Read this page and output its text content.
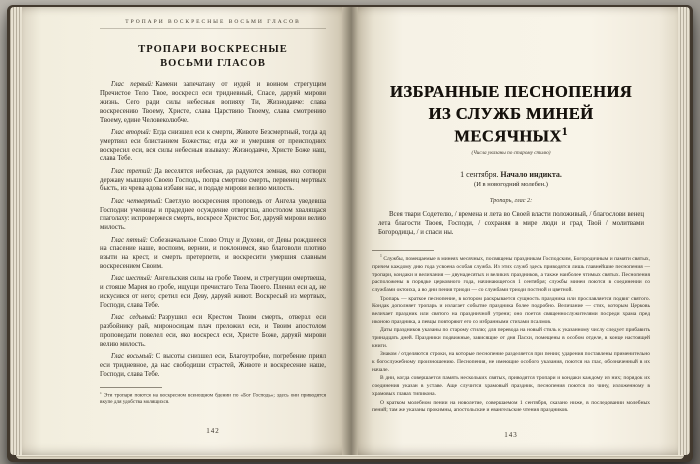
ТРОПАРИ ВОСКРЕСНЫЕ ВОСЬМИ ГЛАСОВ
ТРОПАРИ ВОСКРЕСНЫЕ
ВОСЬМИ ГЛАСОВ

Глас первый: Камени запечатану от иудей и воином стрегущим Пречистое Тело Твое, воскресл еси тридневный, Спасе, даруяй мирови жизнь. Сего ради силы небесныя вопияху Ти, Жизнодавче: слава воскресению Твоему, Христе, слава Царствию Твоему, слава смотрению Твоему, едине Человеколюбче.

Глас вторый: Егда снизшел еси к смерти, Животе Безсмертный, тогда ад умертвил еси блистанием Божества; егда же и умершия от преисподних воскресил еси, вся силы небесныя взываху: Жизнодавче, Христе Боже наш, слава Тебе.

Глас третий: Да веселятся небесная, да радуются земная, яко сотвори державу мышцею Своею Господь, попра смертию смерть, первенец мертвых бысть, из чрева адова избави нас, и подаде мирови велию милость.

Глас четвертый: Светлую воскресения проповедь от Ангела уведевша Господни ученицы и прадеднее осуждение отвергша, апостолом хвалящася глаголаху: испровержеся смерть, воскресе Христос Бог, даруяй мирови велию милость.

Глас пятый: Собезначальное Слово Отцу и Духови, от Девы рождшееся на спасение наше, воспоим, вернии, и поклонимся, яко благоволи плотию взыти на крест, и смерть претерпети, и воскресити умершия славным воскресением Своим.

Глас шестый: Ангельския силы на гробе Твоем, и стрегущии омертвеша, и стояше Мария во гробе, ищущи пречистаго Тела Твоего. Пленил еси ад, не искусився от него; сретил еси Деву, даруяй живот. Воскресый из мертвых, Господи, слава Тебе.

Глас седьмый: Разрушил еси Крестом Твоим смерть, отверзл еси разбойнику рай, мироносицам плач преложил еси, и Твоим апостолом проповедати повелел еси, яко воскресл еси, Христе Боже, даруяй мирови велию милость.

Глас восьмый: С высоты снизшел еси, Благоутробне, погребение приял еси тридневное, да нас свободиши страстей, Животе и воскресение наше, Господи, слава Тебе.

$^1$ Эти тропари поются на воскресном всенощном бдении по «Бог Господь»; здесь они приводятся вкупе для удобства молящихся.
142
ИЗБРАННЫЕ ПЕСНОПЕНИЯ
ИЗ СЛУЖБ МИНЕЙ
МЕСЯЧНЫХ$^1$
(Числа указаны по старому стилю)
1 сентября. Начало индикта.
(И в новогодний молебен.)
Тропарь, глас 2:

Всея твари Содетелю, / времена и лета во Своей власти положивый, / благослови венец лета благости Твоея, Господи, / сохраняя в мире люди и град Твой / молитвами Богородицы, / и спаси ны.

$^1$ Службы, помещаемые в минеях месячных, посвящены праздникам Господским, Богородичным и памяти святых, причем каждому дню года усвоена особая служба. Из этих служб здесь приводятся лишь главнейшие песнопения — тропари, кондаки и величания — двунадесятых и великих праздников, а также наиболее чтимых святых. Песнопения расположены в порядке церковного года, начинающегося 1 сентября; службы минеи поются в соединении со службами октоиха, а во дни пения триоди — со службами триоди постной и цветной.

Тропарь — краткое песнопение, в котором раскрывается сущность праздника или прославляется подвиг святого. Кондак дополняет тропарь и излагает событие праздника более подробно. Величание — стих, которым Церковь величает праздник или святого на праздничной утрени; оно поется священнослужителями посреди храма пред иконою праздника, а певцы повторяют его со избранными стихами псалмов.

Даты праздников указаны по старому стилю; для перевода на новый стиль к указанному числу следует прибавить тринадцать дней. Праздники подвижные, зависящие от дня Пасхи, помещены в особом отделе, в конце настоящей книги.

Знаком / отделяются строки, на которые песнопение разделяется при пении; ударения поставлены применительно к богослужебному произношению. Песнопения, не имеющие особого указания, поются на глас, обозначенный в их начале.

В дни, когда совершается память нескольких святых, приводятся тропари и кондаки каждому из них; порядок их соединения указан в уставе. Аще случится храмовый праздник, песнопения поются по чину, изложенному в храмовых главах типикона.

О кратком молебном пении на новолетие, совершаемом 1 сентября, сказано ниже, в последовании молебных пений; там же указаны прокимны, апостольские и евангельские чтения праздников.

143
